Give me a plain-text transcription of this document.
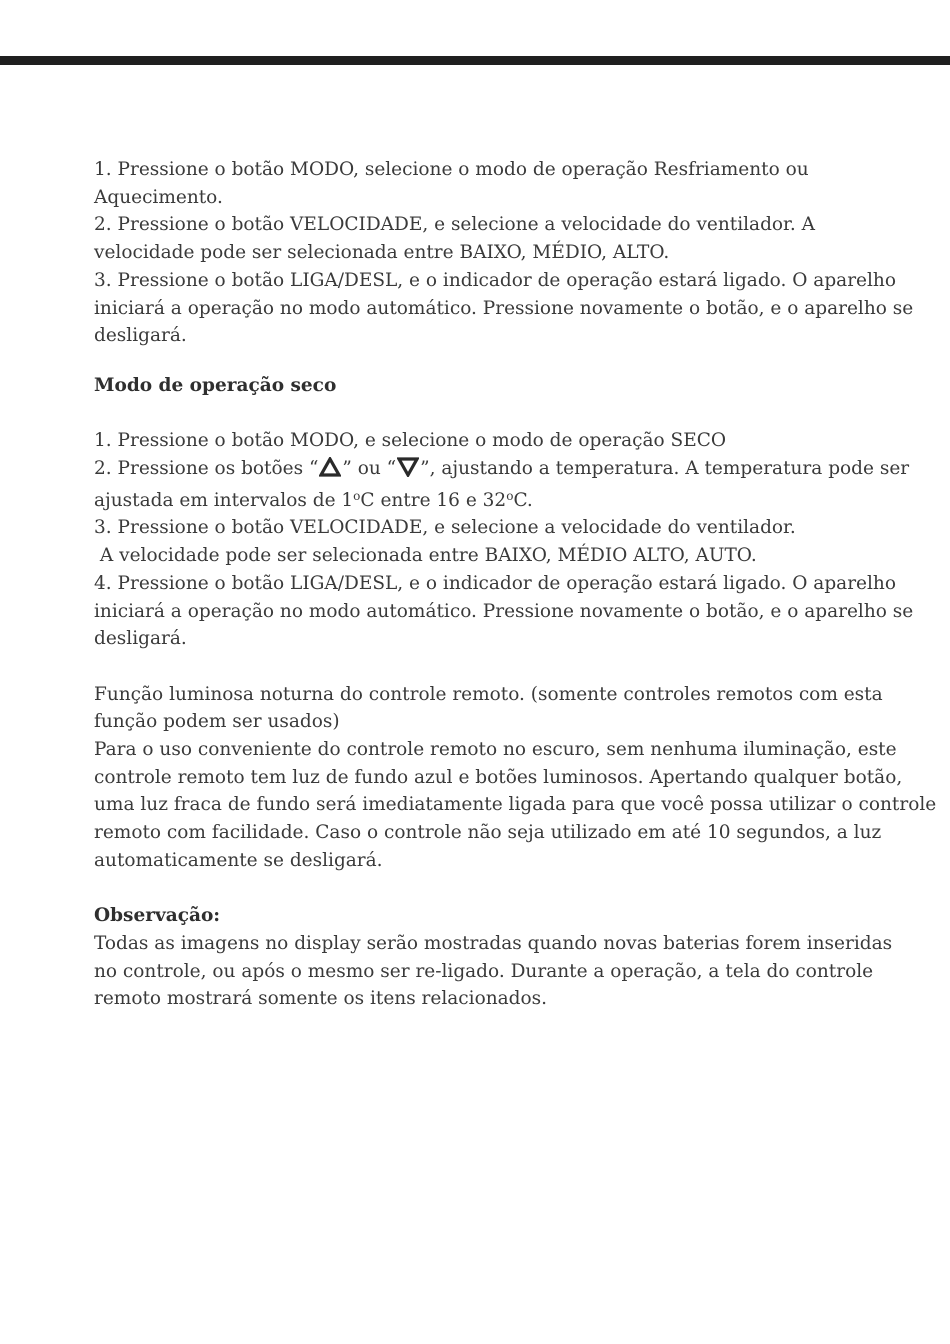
1. Pressione o botão MODO, selecione o modo de operação Resfriamento ou
Aquecimento.
2. Pressione o botão VELOCIDADE, e selecione a velocidade do ventilador. A
velocidade pode ser selecionada entre BAIXO, MÉDIO, ALTO.
3. Pressione o botão LIGA/DESL, e o indicador de operação estará ligado. O aparelho
iniciará a operação no modo automático. Pressione novamente o botão, e o aparelho se
desligará.
Modo de operação seco
1. Pressione o botão MODO, e selecione o modo de operação SECO
2. Pressione os botões “ ” ou “ ”, ajustando a temperatura. A temperatura pode ser
ajustada em intervalos de 1$^o$C entre 16 e 32$^o$C.
3. Pressione o botão VELOCIDADE, e selecione a velocidade do ventilador.
A velocidade pode ser selecionada entre BAIXO, MÉDIO ALTO, AUTO.
4. Pressione o botão LIGA/DESL, e o indicador de operação estará ligado. O aparelho
iniciará a operação no modo automático. Pressione novamente o botão, e o aparelho se
desligará.
Função luminosa noturna do controle remoto. (somente controles remotos com esta
função podem ser usados)
Para o uso conveniente do controle remoto no escuro, sem nenhuma iluminação, este
controle remoto tem luz de fundo azul e botões luminosos. Apertando qualquer botão,
uma luz fraca de fundo será imediatamente ligada para que você possa utilizar o controle
remoto com facilidade. Caso o controle não seja utilizado em até 10 segundos, a luz
automaticamente se desligará.
Observação:
Todas as imagens no display serão mostradas quando novas baterias forem inseridas
no controle, ou após o mesmo ser re-ligado. Durante a operação, a tela do controle
remoto mostrará somente os itens relacionados.
